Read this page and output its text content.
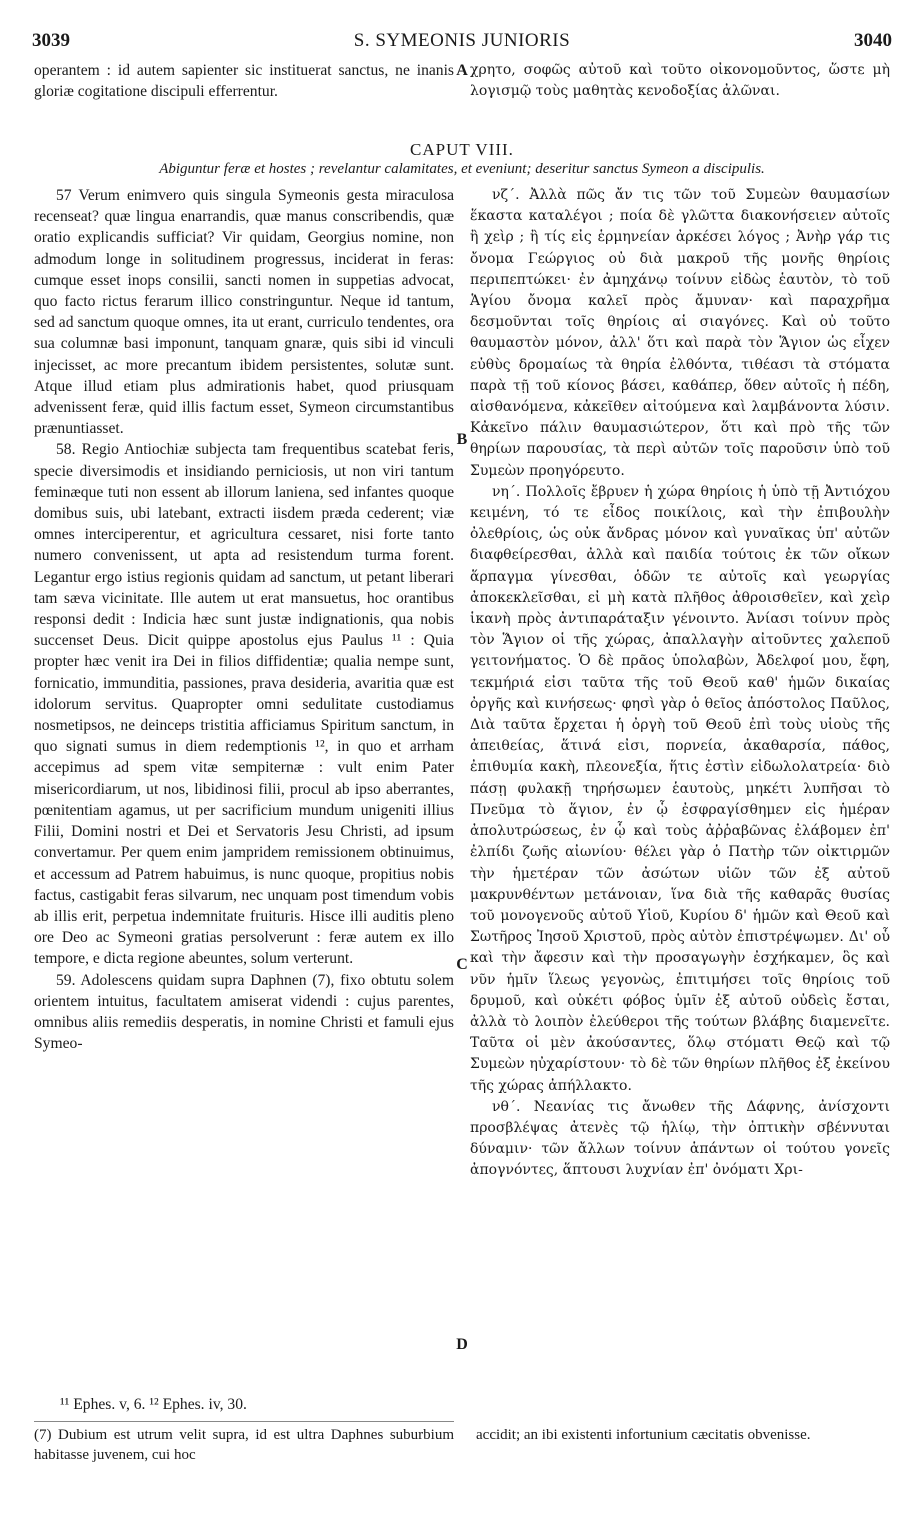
3039	S. SYMEONIS JUNIORIS	3040
A
B
C
D

operantem : id autem sapienter sic instituerat sanctus, ne inanis gloriæ cogitatione discipuli efferrentur.

χρητο, σοφῶς αὐτοῦ καὶ τοῦτο οἰκονομοῦντος, ὥστε μὴ λογισμῷ τοὺς μαθητὰς κενοδοξίας ἀλῶναι.

CAPUT VIII.
Abiguntur feræ et hostes ; revelantur calamitates, et eveniunt; deseritur sanctus Symeon a discipulis.

57 Verum enimvero quis singula Symeonis gesta miraculosa recenseat? quæ lingua enarrandis, quæ manus conscribendis, quæ oratio explicandis sufficiat? Vir quidam, Georgius nomine, non admodum longe in solitudinem progressus, inciderat in feras: cumque esset inops consilii, sancti nomen in suppetias advocat, quo facto rictus ferarum illico constringuntur. Neque id tantum, sed ad sanctum quoque omnes, ita ut erant, curriculo tendentes, ora sua columnæ basi imponunt, tanquam gnaræ, quis sibi id vinculi injecisset, ac more precantum ibidem persistentes, solutæ sunt. Atque illud etiam plus admirationis habet, quod priusquam advenissent feræ, quid illis factum esset, Symeon circumstantibus prænuntiasset.

58. Regio Antiochiæ subjecta tam frequentibus scatebat feris, specie diversimodis et insidiando perniciosis, ut non viri tantum feminæque tuti non essent ab illorum laniena, sed infantes quoque domibus suis, ubi latebant, extracti iisdem præda cederent; viæ omnes interciperentur, et agricultura cessaret, nisi forte tanto numero convenissent, ut apta ad resistendum turma forent. Legantur ergo istius regionis quidam ad sanctum, ut petant liberari tam sæva vicinitate. Ille autem ut erat mansuetus, hoc orantibus responsi dedit : Indicia hæc sunt justæ indignationis, qua nobis succenset Deus. Dicit quippe apostolus ejus Paulus ¹¹ : Quia propter hæc venit ira Dei in filios diffidentiæ; qualia nempe sunt, fornicatio, immunditia, passiones, prava desideria, avaritia quæ est idolorum servitus. Quapropter omni sedulitate custodiamus nosmetipsos, ne deinceps tristitia afficiamus Spiritum sanctum, in quo signati sumus in diem redemptionis ¹², in quo et arrham accepimus ad spem vitæ sempiternæ : vult enim Pater misericordiarum, ut nos, libidinosi filii, procul ab ipso aberrantes, pœnitentiam agamus, ut per sacrificium mundum unigeniti illius Filii, Domini nostri et Dei et Servatoris Jesu Christi, ad ipsum convertamur. Per quem enim jampridem remissionem obtinuimus, et accessum ad Patrem habuimus, is nunc quoque, propitius nobis factus, castigabit feras silvarum, nec unquam post timendum vobis ab illis erit, perpetua indemnitate fruituris. Hisce illi auditis pleno ore Deo ac Symeoni gratias persolverunt : feræ autem ex illo tempore, e dicta regione abeuntes, solum verterunt.

59. Adolescens quidam supra Daphnen (7), fixo obtutu solem orientem intuitus, facultatem amiserat videndi : cujus parentes, omnibus aliis remediis desperatis, in nomine Christi et famuli ejus Symeo-

νζ΄. Ἀλλὰ πῶς ἄν τις τῶν τοῦ Συμεὼν θαυμασίων ἕκαστα καταλέγοι ; ποία δὲ γλῶττα διακονήσειεν αὐτοῖς ἢ χεὶρ ; ἢ τίς εἰς ἑρμηνείαν ἀρκέσει λόγος ; Ἀνὴρ γάρ τις ὄνομα Γεώργιος οὐ διὰ μακροῦ τῆς μονῆς θηρίοις περιπεπτώκει· ἐν ἀμηχάνῳ τοίνυν εἰδὼς ἑαυτὸν, τὸ τοῦ Ἁγίου ὄνομα καλεῖ πρὸς ἄμυναν· καὶ παραχρῆμα δεσμοῦνται τοῖς θηρίοις αἱ σιαγόνες. Καὶ οὐ τοῦτο θαυμαστὸν μόνον, ἀλλ' ὅτι καὶ παρὰ τὸν Ἅγιον ὡς εἶχεν εὐθὺς δρομαίως τὰ θηρία ἐλθόντα, τιθέασι τὰ στόματα παρὰ τῇ τοῦ κίονος βάσει, καθάπερ, ὅθεν αὐτοῖς ἡ πέδη, αἰσθανόμενα, κἀκεῖθεν αἰτούμενα καὶ λαμβάνοντα λύσιν. Κἀκεῖνο πάλιν θαυμασιώτερον, ὅτι καὶ πρὸ τῆς τῶν θηρίων παρουσίας, τὰ περὶ αὐτῶν τοῖς παροῦσιν ὑπὸ τοῦ Συμεὼν προηγόρευτο.

νη΄. Πολλοῖς ἔβρυεν ἡ χώρα θηρίοις ἡ ὑπὸ τῇ Ἀντιόχου κειμένη, τό τε εἶδος ποικίλοις, καὶ τὴν ἐπιβουλὴν ὀλεθρίοις, ὡς οὐκ ἄνδρας μόνον καὶ γυναῖκας ὑπ' αὐτῶν διαφθείρεσθαι, ἀλλὰ καὶ παιδία τούτοις ἐκ τῶν οἴκων ἅρπαγμα γίνεσθαι, ὁδῶν τε αὐτοῖς καὶ γεωργίας ἀποκεκλεῖσθαι, εἰ μὴ κατὰ πλῆθος ἀθροισθεῖεν, καὶ χεὶρ ἱκανὴ πρὸς ἀντιπαράταξιν γένοιντο. Ἀνίασι τοίνυν πρὸς τὸν Ἅγιον οἱ τῆς χώρας, ἀπαλλαγὴν αἰτοῦντες χαλεποῦ γειτονήματος. Ὁ δὲ πρᾶος ὑπολαβὼν, Ἀδελφοί μου, ἔφη, τεκμήριά εἰσι ταῦτα τῆς τοῦ Θεοῦ καθ' ἡμῶν δικαίας ὀργῆς καὶ κινήσεως· φησὶ γὰρ ὁ θεῖος ἀπόστολος Παῦλος, Διὰ ταῦτα ἔρχεται ἡ ὀργὴ τοῦ Θεοῦ ἐπὶ τοὺς υἱοὺς τῆς ἀπειθείας, ἅτινά εἰσι, πορνεία, ἀκαθαρσία, πάθος, ἐπιθυμία κακὴ, πλεονεξία, ἥτις ἐστὶν εἰδωλολατρεία· διὸ πάσῃ φυλακῇ τηρήσωμεν ἑαυτοὺς, μηκέτι λυπῆσαι τὸ Πνεῦμα τὸ ἅγιον, ἐν ᾧ ἐσφραγίσθημεν εἰς ἡμέραν ἀπολυτρώσεως, ἐν ᾧ καὶ τοὺς ἀῤῥαβῶνας ἐλάβομεν ἐπ' ἐλπίδι ζωῆς αἰωνίου· θέλει γὰρ ὁ Πατὴρ τῶν οἰκτιρμῶν τὴν ἡμετέραν τῶν ἀσώτων υἱῶν τῶν ἐξ αὐτοῦ μακρυνθέντων μετάνοιαν, ἵνα διὰ τῆς καθαρᾶς θυσίας τοῦ μονογενοῦς αὐτοῦ Υἱοῦ, Κυρίου δ' ἡμῶν καὶ Θεοῦ καὶ Σωτῆρος Ἰησοῦ Χριστοῦ, πρὸς αὐτὸν ἐπιστρέψωμεν. Δι' οὗ καὶ τὴν ἄφεσιν καὶ τὴν προσαγωγὴν ἐσχήκαμεν, ὃς καὶ νῦν ἡμῖν ἵλεως γεγονὼς, ἐπιτιμήσει τοῖς θηρίοις τοῦ δρυμοῦ, καὶ οὐκέτι φόβος ὑμῖν ἐξ αὐτοῦ οὐδεὶς ἔσται, ἀλλὰ τὸ λοιπὸν ἐλεύθεροι τῆς τούτων βλάβης διαμενεῖτε. Ταῦτα οἱ μὲν ἀκούσαντες, ὅλῳ στόματι Θεῷ καὶ τῷ Συμεὼν ηὐχαρίστουν· τὸ δὲ τῶν θηρίων πλῆθος ἐξ ἐκείνου τῆς χώρας ἀπήλλακτο.

νθ΄. Νεανίας τις ἄνωθεν τῆς Δάφνης, ἀνίσχοντι προσβλέψας ἀτενὲς τῷ ἡλίῳ, τὴν ὀπτικὴν σβέννυται δύναμιν· τῶν ἄλλων τοίνυν ἁπάντων οἱ τούτου γονεῖς ἀπογνόντες, ἅπτουσι λυχνίαν ἐπ' ὀνόματι Χρι-

¹¹ Ephes. v, 6. ¹² Ephes. iv, 30.
(7) Dubium est utrum velit supra, id est ultra Daphnes suburbium habitasse juvenem, cui hoc
accidit; an ibi existenti infortunium cæcitatis obvenisse.
